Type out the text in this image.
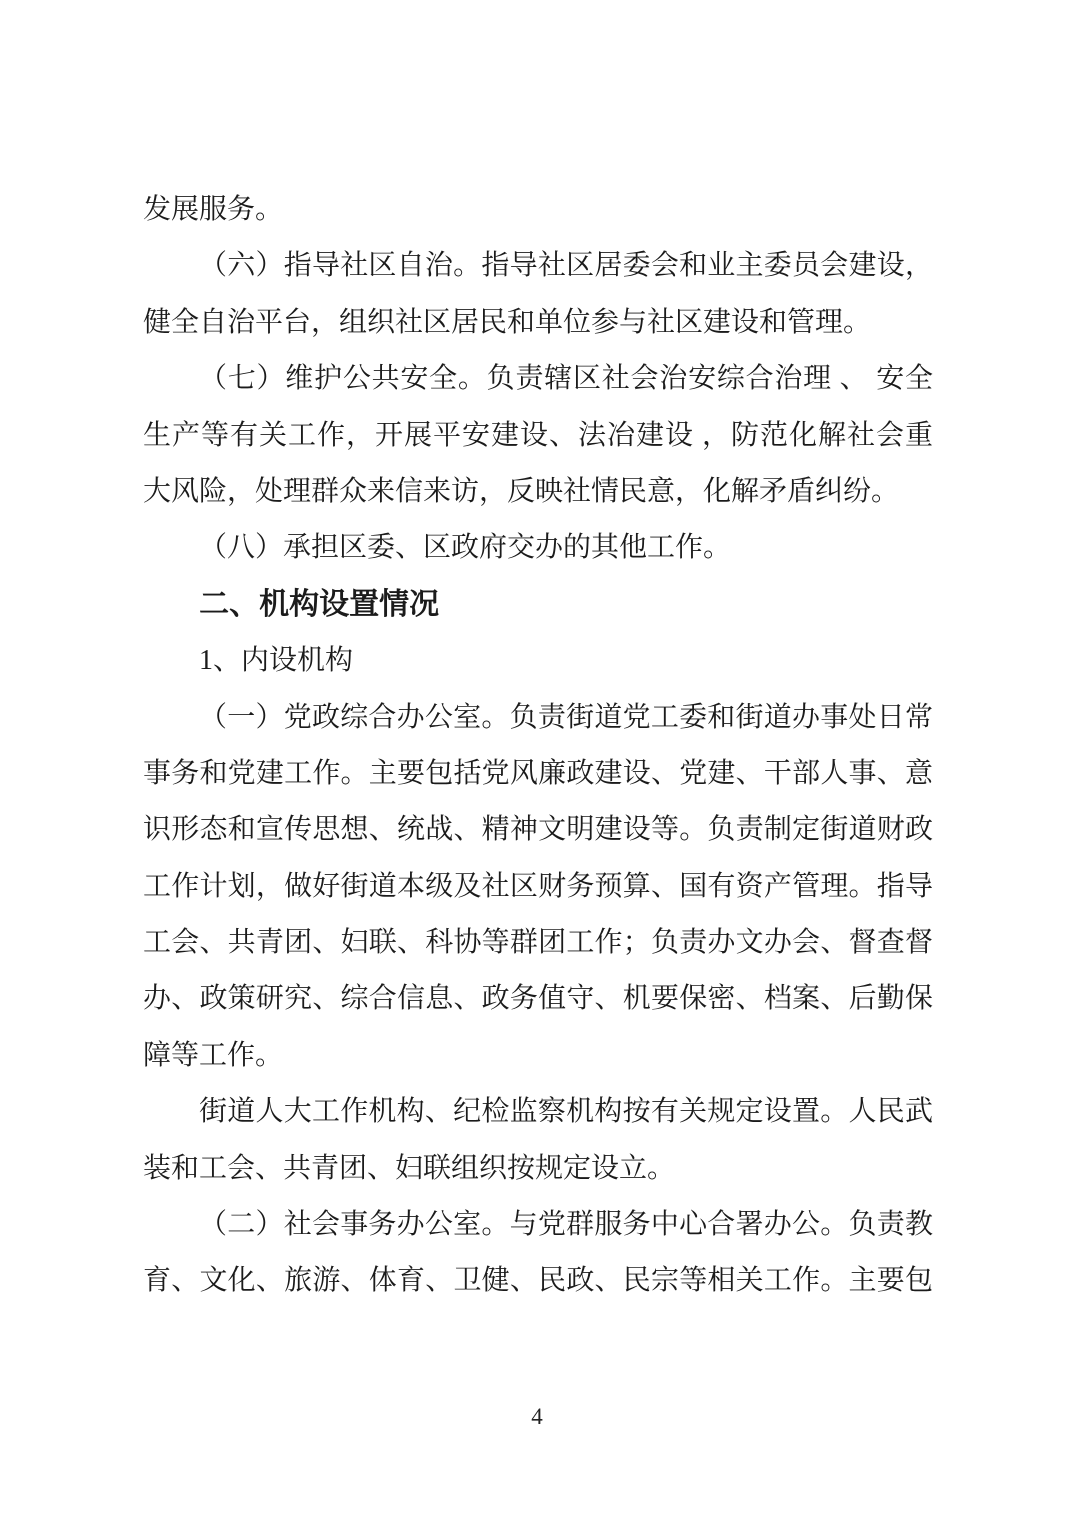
发展服务。
（六）指导社区自治。指导社区居委会和业主委员会建设，
健全自治平台，组织社区居民和单位参与社区建设和管理。
（七）维护公共安全。负责辖区社会治安综合治理 、 安全
生产等有关工作，开展平安建设、法冶建设 ，防范化解社会重
大风险，处理群众来信来访，反映社情民意，化解矛盾纠纷。
（八）承担区委、区政府交办的其他工作。
二、机构设置情况
1、内设机构
（一）党政综合办公室。负责街道党工委和街道办事处日常
事务和党建工作。主要包括党风廉政建设、党建、干部人事、意
识形态和宣传思想、统战、精神文明建设等。负责制定街道财政
工作计划，做好街道本级及社区财务预算、国有资产管理。指导
工会、共青团、妇联、科协等群团工作；负责办文办会、督查督
办、政策研究、综合信息、政务值守、机要保密、档案、后勤保
障等工作。
街道人大工作机构、纪检监察机构按有关规定设置。人民武
装和工会、共青团、妇联组织按规定设立。
（二）社会事务办公室。与党群服务中心合署办公。负责教
育、文化、旅游、体育、卫健、民政、民宗等相关工作。主要包
4
